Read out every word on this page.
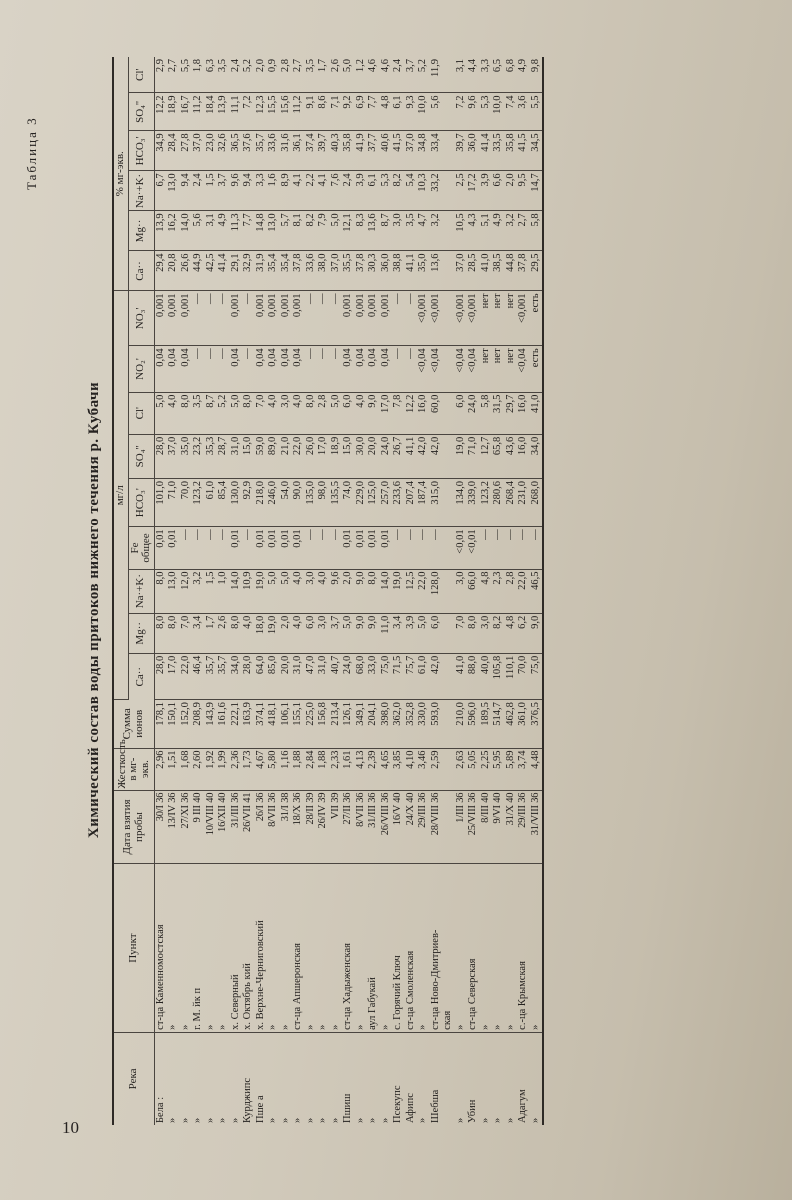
10
Таблица 3
Химический состав воды притоков нижнего течения р. Кубачи
Река	Пункт	Дата взятия пробы	Жесткость, в мг-экв.	Сумма ионов	мг/л									% мг-экв.					
					Ca··	Mg··	Na·+K·	Fe общее	HCO₃'	SO₄''	Cl'	NO₂'	NO₃'	Ca··	Mg··	Na·+K·	HCO₃'	SO₄''	Cl'
Бела :	ст-ца Каменномостская	30/I 36	2,96	178,1	28,0	8,0	8,0	0,01	101,0	28,0	5,0	0,04	0,001	29,4	13,9	6,7	34,9	12,2	2,9
»	»	13/IV 36	1,51	150,1	17,0	8,0	13,0	0,01	71,0	37,0	4,0	0,04	0,001	20,8	16,2	13,0	28,4	18,9	2,7
»	»	27/XI 36	1,68	152,0	22,0	7,0	12,0	—	70,0	35,0	8,0	0,04	0,001	26,6	14,0	9,4	27,8	16,7	5,5
»	г. М. йк п	9 III 40	2,60	208,9	46,4	3,4	3,2	—	123,2	23,2	3,5	—	—	44,9	5,6	2,4	37,0	11,2	1,8
»	»	10/VIII 40	1,92	143,9	35,7	1,7	1,5	—	61,0	35,3	8,7	—	—	42,5	3,1	1,5	23,0	18,4	6,3
»	»	16/XII 40	1,99	161,6	35,7	2,6	1,0	—	85,4	28,7	5,2	—	—	41,4	4,9	3,7	32,6	13,9	3,5
»	х. Северный	31/III 36	2,36	222,1	34,0	8,0	14,0	0,01	130,0	31,0	5,0	0,04	0,001	29,1	11,3	9,6	36,5	11,1	2,4
Курджипс	х. Октябрь кий	26/VII 41	1,73	163,9	28,0	4,0	10,9	—	92,9	15,0	8,0	—	—	32,9	7,7	9,4	37,6	7,2	5,2
Пше а	х. Верхне-Черниговский	26/I 36	4,67	374,1	64,0	18,0	19,0	0,01	218,0	59,0	7,0	0,04	0,001	31,9	14,8	3,3	35,7	12,3	2,0
»	»	8/VII 36	5,80	418,1	85,0	19,0	5,0	0,01	246,0	89,0	4,0	0,04	0,001	35,4	13,0	1,6	33,6	15,5	0,9
»	»	31/I 38	1,16	106,1	20,0	2,0	5,0	0,01	54,0	21,0	3,0	0,04	0,001	35,4	5,7	8,9	31,6	15,6	2,8
»	ст-ца Апшеронская	18/X 36	1,88	155,1	31,0	4,0	4,0	0,01	90,0	22,0	4,0	0,04	0,001	37,8	8,1	4,1	36,1	11,2	2,7
»	»	28/II 39	2,84	225,0	47,0	6,0	3,0	—	135,0	26,0	8,0	—	—	33,6	8,2	2,2	37,4	9,1	3,5
»	»	26/IV 39	1,88	156,8	31,0	3,0	4,0	—	98,0	17,0	2,8	—	—	38,0	7,9	4,1	39,7	8,6	1,7
»	»	VII 39	2,33	213,4	40,7	3,7	9,6	—	135,5	18,9	5,0	—	—	37,0	5,0	7,6	40,3	7,1	2,6
Пшиш	ст-ца Хадыженская	27/II 36	1,61	126,1	24,0	5,0	2,0	0,01	74,0	15,0	6,0	0,04	0,001	35,5	12,1	2,4	35,8	9,2	5,0
»	»	8/VII 36	4,13	349,1	68,0	9,0	9,0	0,01	229,0	30,0	4,0	0,04	0,001	37,8	8,3	3,9	41,9	6,9	1,2
»	аул Габукай	31/III 36	2,39	204,1	33,0	9,0	8,0	0,01	125,0	20,0	9,0	0,04	0,001	30,3	13,6	6,1	37,7	7,7	4,6
»	»	26/VIII 36	4,65	398,0	75,0	11,0	14,0	0,01	257,0	24,0	17,0	0,04	0,001	36,0	8,7	5,3	40,6	4,8	4,6
Псекупс	с. Горячий Ключ	16/V 40	3,85	362,0	71,5	3,4	19,0	—	233,6	26,7	7,8	—	—	38,8	3,0	8,2	41,5	6,1	2,4
Афипс	ст-ца Смоленская	24/X 40	4,10	352,8	75,7	3,9	12,5	—	207,4	41,1	12,2	—	—	41,1	3,5	5,4	37,0	9,3	3,7
»	»	29/III 36	3,46	330,0	61,0	5,0	22,0	—	187,4	42,0	16,0	<0,04	<0,001	35,0	4,7	10,3	34,8	10,0	5,2
Шебша	ст-ца Ново-Дмитриев-	28/VIII 36	2,59	593,0	42,0	6,0	128,0	—	315,0	42,0	60,0	<0,04	<0,001	13,6	3,2	33,2	33,4	5,6	11,9
	ская																		
»	»	1/III 36	2,63	210,0	41,0	7,0	3,0	<0,01	134,0	19,0	6,0	<0,04	<0,001	37,0	10,5	2,5	39,7	7,2	3,1
Убин	ст-ца Северская	25/VIII 36	5,05	596,0	88,0	8,0	66,0	<0,01	339,0	71,0	24,0	<0,04	<0,001	28,5	4,3	17,2	36,0	9,6	4,4
»	»	8/III 40	2,25	189,5	40,0	3,0	4,8	—	123,2	12,7	5,8	нет	нет	41,0	5,1	3,9	41,4	5,3	3,3
»	»	9/VI 40	5,95	514,7	105,8	8,2	2,3	—	280,6	65,8	31,5	нет	нет	38,5	4,9	6,6	33,5	10,0	6,5
»	»	31/X 40	5,89	462,8	110,1	4,8	2,8	—	268,4	43,6	29,7	нет	нет	44,8	3,2	2,0	35,8	7,4	6,8
Адагум	с.-ца Крымская	29/III 36	3,74	361,0	70,0	6,2	22,0	—	231,0	16,0	16,0	<0,04	<0,001	37,8	2,7	9,5	41,5	3,6	4,9
»	»	31/VIII 36	4,48	376,5	75,0	9,0	46,5	—	268,0	34,0	41,0	есть	есть	29,5	5,8	14,7	34,5	5,5	9,8
